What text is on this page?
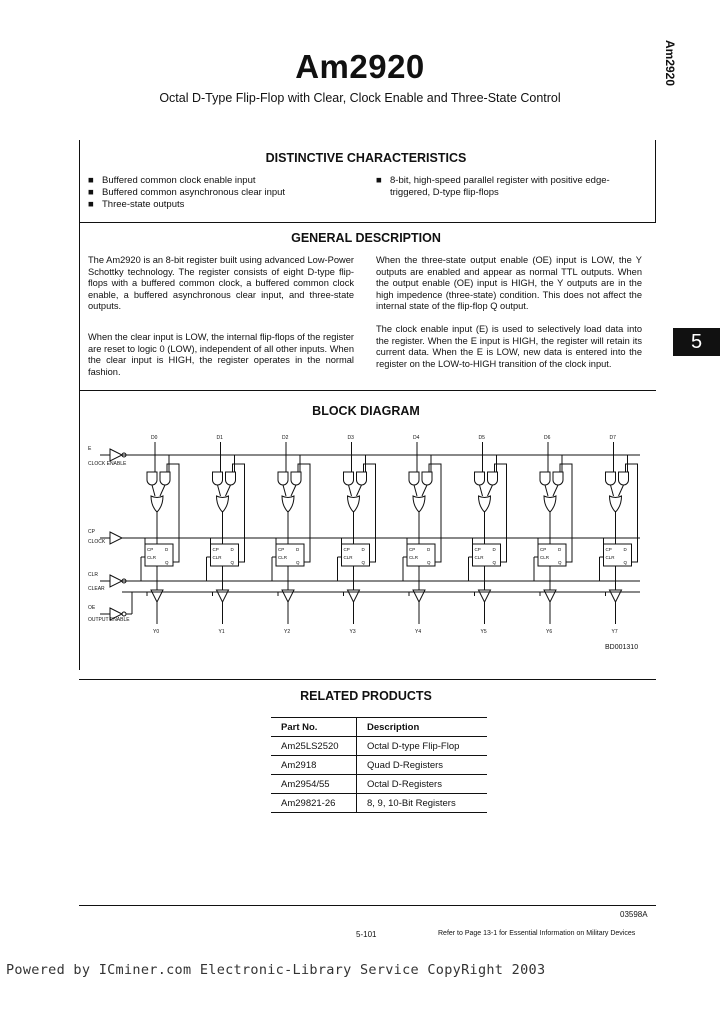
Am2920
Am2920
Octal D-Type Flip-Flop with Clear, Clock Enable and Three-State Control
5
DISTINCTIVE CHARACTERISTICS
■ Buffered common clock enable input
■ Buffered common asynchronous clear input
■ Three-state outputs
■ 8-bit, high-speed parallel register with positive edge-triggered, D-type flip-flops
GENERAL DESCRIPTION
The Am2920 is an 8-bit register built using advanced Low-Power Schottky technology. The register consists of eight D-type flip-flops with a buffered common clock, a buffered common clock enable, a buffered asynchronous clear input, and three-state outputs.
When the clear input is LOW, the internal flip-flops of the register are reset to logic 0 (LOW), independent of all other inputs. When the clear input is HIGH, the register operates in the normal fashion.
When the three-state output enable (OE) input is LOW, the Y outputs are enabled and appear as normal TTL outputs. When the output enable (OE) input is HIGH, the Y outputs are in the high impedence (three-state) condition. This does not affect the internal state of the flip-flop Q output.
The clock enable input (E) is used to selectively load data into the register. When the E input is HIGH, the register will retain its current data. When the E is LOW, new data is entered into the register on the LOW-to-HIGH transition of the clock input.
BLOCK DIAGRAM
D0
CP	D
CLR
Q
Y0
D1
CP	D
CLR
Q
Y1
D2
CP	D
CLR
Q
Y2
D3
CP	D
CLR
Q
Y3
D4
CP	D
CLR
Q
Y4
D5
CP	D
CLR
Q
Y5
D6
CP	D
CLR
Q
Y6
D7
CP	D
CLR
Q
Y7
E
CLOCK ENABLE
CP
CLOCK
CLR
CLEAR
OE
OUTPUT ENABLE
BD001310
RELATED PRODUCTS
Part No.	Description
Am25LS2520	Octal D-type Flip-Flop
Am2918	Quad D-Registers
Am2954/55	Octal D-Registers
Am29821-26	8, 9, 10-Bit Registers
03598A
5-101	Refer to Page 13-1 for Essential Information on Military Devices
Powered by ICminer.com Electronic-Library Service CopyRight 2003
